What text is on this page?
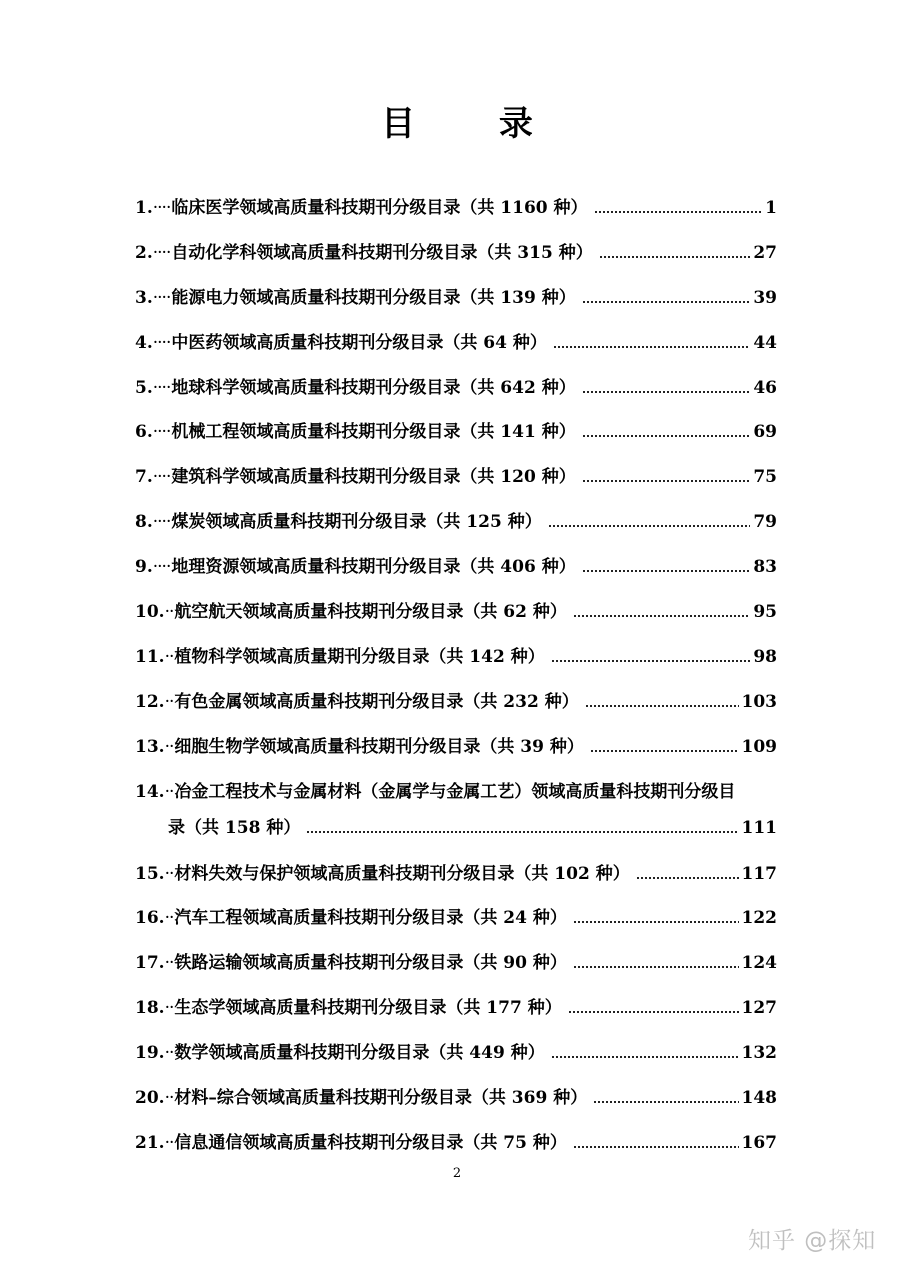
目 录
1. ···· 临床医学领域高质量科技期刊分级目录（共 1160 种）	1
2. ···· 自动化学科领域高质量科技期刊分级目录（共 315 种）	27
3. ···· 能源电力领域高质量科技期刊分级目录（共 139 种）	39
4. ···· 中医药领域高质量科技期刊分级目录（共 64 种）	44
5. ···· 地球科学领域高质量科技期刊分级目录（共 642 种）	46
6. ···· 机械工程领域高质量科技期刊分级目录（共 141 种）	69
7. ···· 建筑科学领域高质量科技期刊分级目录（共 120 种）	75
8. ···· 煤炭领域高质量科技期刊分级目录（共 125 种）	79
9. ···· 地理资源领域高质量科技期刊分级目录（共 406 种）	83
10. ·· 航空航天领域高质量科技期刊分级目录（共 62 种）	95
11. ·· 植物科学领域高质量期刊分级目录（共 142 种）	98
12. ·· 有色金属领域高质量科技期刊分级目录（共 232 种）	103
13. ·· 细胞生物学领域高质量科技期刊分级目录（共 39 种）	109
14. ·· 冶金工程技术与金属材料（金属学与金属工艺）领域高质量科技期刊分级目
录（共 158 种）	111
15. ·· 材料失效与保护领域高质量科技期刊分级目录（共 102 种）	117
16. ·· 汽车工程领域高质量科技期刊分级目录（共 24 种）	122
17. ·· 铁路运输领域高质量科技期刊分级目录（共 90 种）	124
18. ·· 生态学领域高质量科技期刊分级目录（共 177 种）	127
19. ·· 数学领域高质量科技期刊分级目录（共 449 种）	132
20. ·· 材料–综合领域高质量科技期刊分级目录（共 369 种）	148
21. ·· 信息通信领域高质量科技期刊分级目录（共 75 种）	167
2
知乎 @探知
